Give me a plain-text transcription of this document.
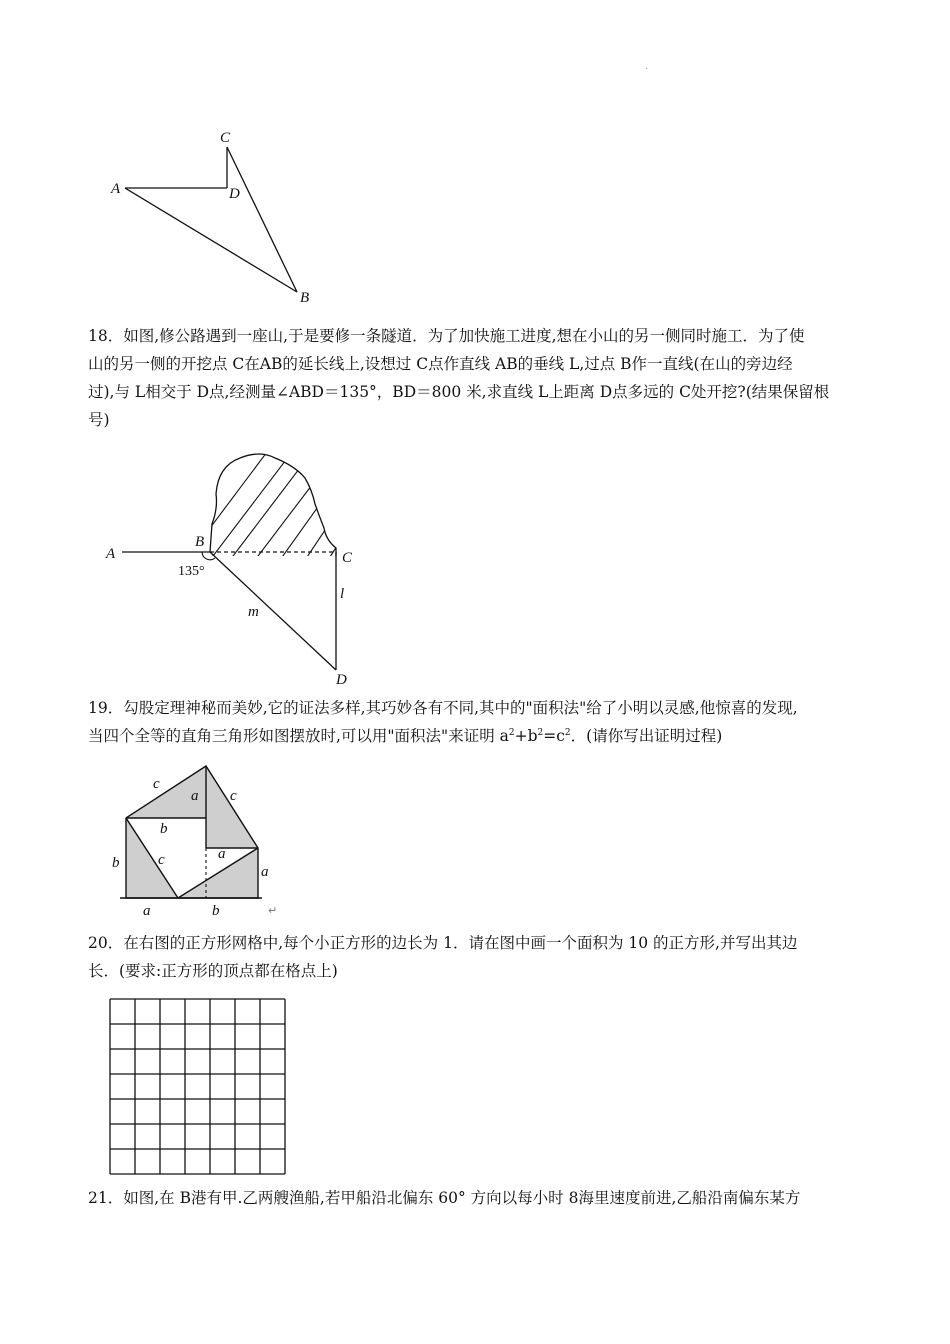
·
C
A	D
B
18．如图,修公路遇到一座山,于是要修一条隧道．为了加快施工进度,想在小山的另一侧同时施工．为了使
山的另一侧的开挖点 C在AB的延长线上,设想过 C点作直线 AB的垂线 L,过点 B作一直线(在山的旁边经
过),与 L相交于 D点,经测量∠ABD＝135°，BD＝800 米,求直线 L上距离 D点多远的 C处开挖?(结果保留根
号)
A
B
C
135°
m
l
D
19．勾股定理神秘而美妙,它的证法多样,其巧妙各有不同,其中的"面积法"给了小明以灵感,他惊喜的发现,
当四个全等的直角三角形如图摆放时,可以用"面积法"来证明 $a^2+b^2=c^2$．(请你写出证明过程)
c
a c
b
a
b	c
a
a	b	↵
20．在右图的正方形网格中,每个小正方形的边长为 1．请在图中画一个面积为 10 的正方形,并写出其边
长．(要求:正方形的顶点都在格点上)
21．如图,在 B港有甲.乙两艘渔船,若甲船沿北偏东 60° 方向以每小时 8海里速度前进,乙船沿南偏东某方
